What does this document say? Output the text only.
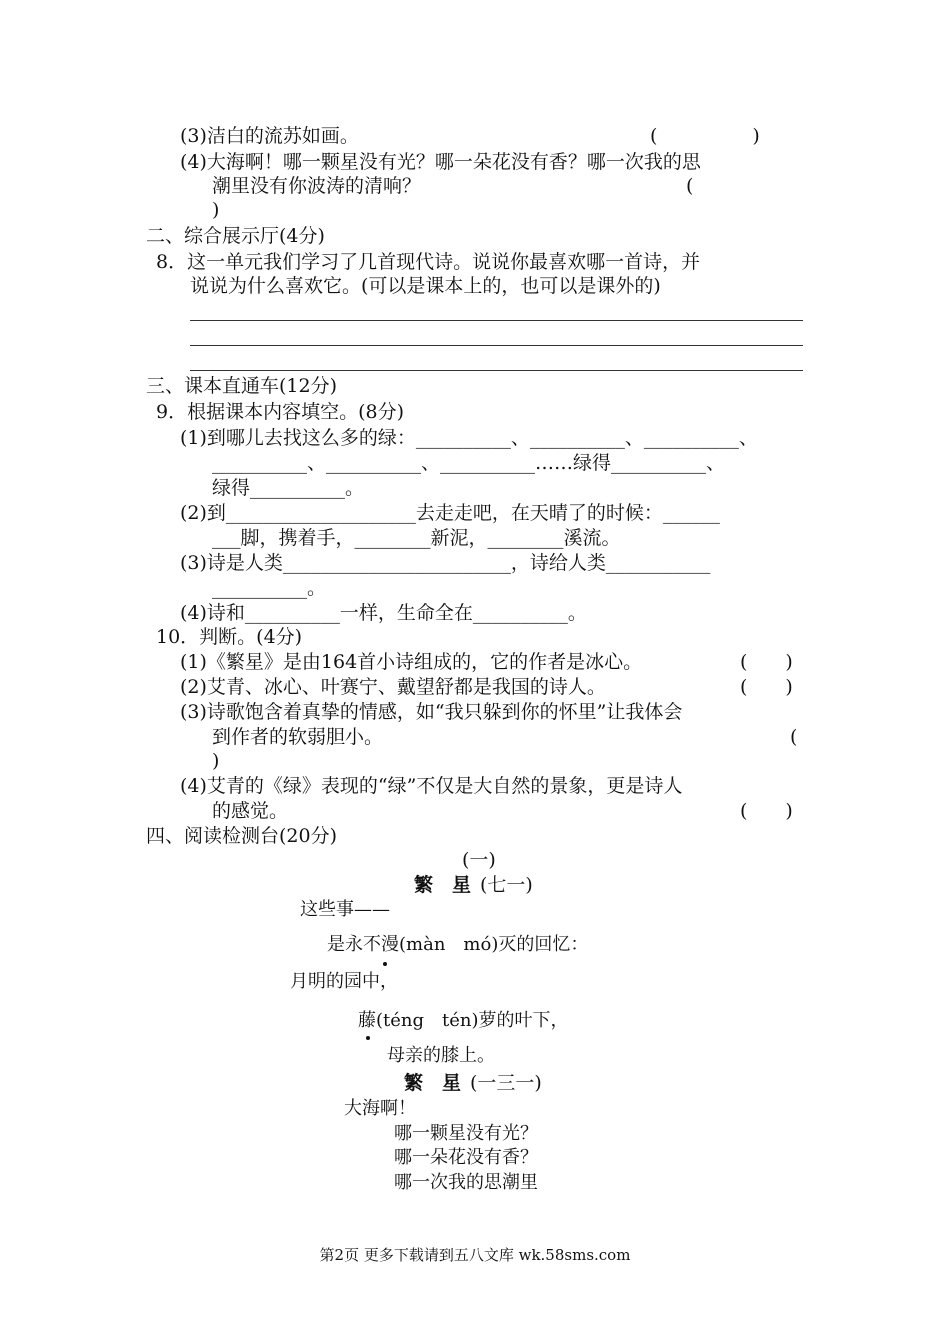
(3)洁白的流苏如画。	(　　　　　)
(4)大海啊！哪一颗星没有光？哪一朵花没有香？哪一次我的思
潮里没有你波涛的清响？	(
)
二、综合展示厅(4分)
8．这一单元我们学习了几首现代诗。说说你最喜欢哪一首诗，并
说说为什么喜欢它。(可以是课本上的，也可以是课外的)
三、课本直通车(12分)
9．根据课本内容填空。(8分)
(1)到哪儿去找这么多的绿：__________、__________、__________、
__________、__________、__________……绿得__________、
绿得__________。
(2)到____________________去走走吧，在天晴了的时候：______
___脚，携着手，________新泥，________溪流。
(3)诗是人类________________________，诗给人类___________
__________。
(4)诗和__________一样，生命全在__________。
10．判断。(4分)
(1)《繁星》是由164首小诗组成的，它的作者是冰心。	(　　)
(2)艾青、冰心、叶赛宁、戴望舒都是我国的诗人。	(　　)
(3)诗歌饱含着真挚的情感，如“我只躲到你的怀里”让我体会
到作者的软弱胆小。	(
)
(4)艾青的《绿》表现的“绿”不仅是大自然的景象，更是诗人
的感觉。	(　　)
四、阅读检测台(20分)
(一)
繁　星 (七一)
这些事——
是永不漫(màn　mó)灭的回忆：
月明的园中，
藤(téng　tén)萝的叶下，
母亲的膝上。
繁　星 (一三一)
大海啊！
哪一颗星没有光？
哪一朵花没有香？
哪一次我的思潮里
第2页 更多下载请到五八文库 wk.58sms.com
